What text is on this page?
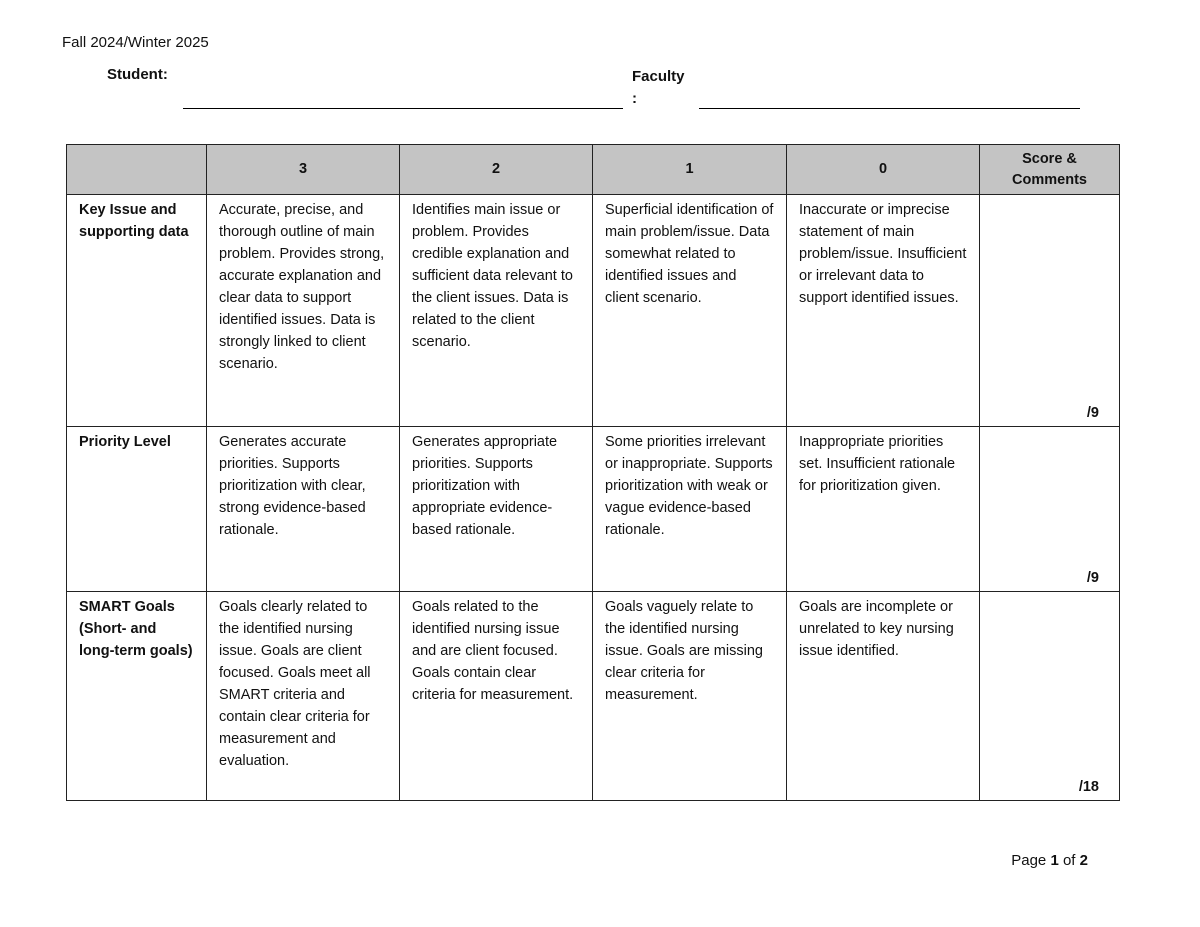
Fall 2024/Winter 2025
Student:	Faculty
:
	3	2	1	0	Score & Comments
Key Issue and supporting data	Accurate, precise, and thorough outline of main problem. Provides strong, accurate explanation and clear data to support identified issues. Data is strongly linked to client scenario.	Identifies main issue or problem. Provides credible explanation and sufficient data relevant to the client issues. Data is related to the client scenario.	Superficial identification of main problem/issue. Data somewhat related to identified issues and client scenario.	Inaccurate or imprecise statement of main problem/issue. Insufficient or irrelevant data to support identified issues.	/9

Priority Level	Generates accurate priorities. Supports prioritization with clear, strong evidence-based rationale.	Generates appropriate priorities. Supports prioritization with appropriate evidence-based rationale.	Some priorities irrelevant or inappropriate. Supports prioritization with weak or vague evidence-based rationale.	Inappropriate priorities set. Insufficient rationale for prioritization given.	/9

SMART Goals (Short- and long-term goals)	Goals clearly related to the identified nursing issue. Goals are client focused. Goals meet all SMART criteria and contain clear criteria for measurement and evaluation.	Goals related to the identified nursing issue and are client focused. Goals contain clear criteria for measurement.	Goals vaguely relate to the identified nursing issue. Goals are missing clear criteria for measurement.	Goals are incomplete or unrelated to key nursing issue identified.	/18
Page 1 of 2
